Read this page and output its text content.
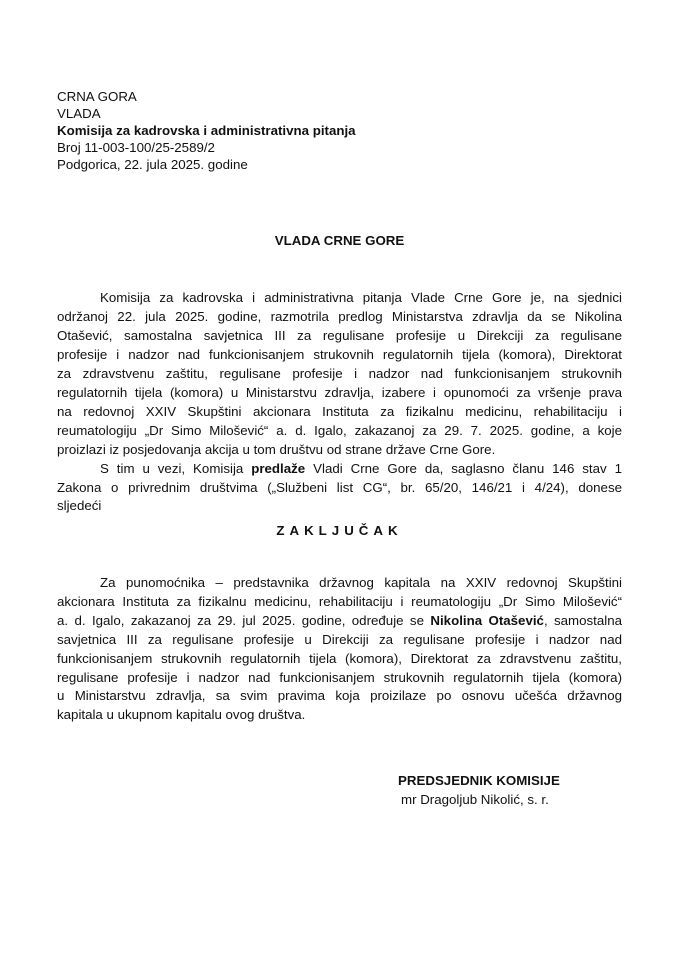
CRNA GORA
VLADA
Komisija za kadrovska i administrativna pitanja
Broj 11-003-100/25-2589/2
Podgorica, 22. jula 2025. godine
VLADA CRNE GORE
Komisija za kadrovska i administrativna pitanja Vlade Crne Gore je, na sjednici
održanoj 22. jula 2025. godine, razmotrila predlog Ministarstva zdravlja da se Nikolina
Otašević, samostalna savjetnica III za regulisane profesije u Direkciji za regulisane
profesije i nadzor nad funkcionisanjem strukovnih regulatornih tijela (komora), Direktorat
za zdravstvenu zaštitu, regulisane profesije i nadzor nad funkcionisanjem strukovnih
regulatornih tijela (komora) u Ministarstvu zdravlja, izabere i opunomoći za vršenje prava
na redovnoj XXIV Skupštini akcionara Instituta za fizikalnu medicinu, rehabilitaciju i
reumatologiju „Dr Simo Milošević“ a. d. Igalo, zakazanoj za 29. 7. 2025. godine, a koje
proizlazi iz posjedovanja akcija u tom društvu od strane države Crne Gore.
S tim u vezi, Komisija predlaže Vladi Crne Gore da, saglasno članu 146 stav 1
Zakona o privrednim društvima („Službeni list CG“, br. 65/20, 146/21 i 4/24), donese
sljedeći
ZAKLJUČAK
Za punomoćnika – predstavnika državnog kapitala na XXIV redovnoj Skupštini
akcionara Instituta za fizikalnu medicinu, rehabilitaciju i reumatologiju „Dr Simo Milošević“
a. d. Igalo, zakazanoj za 29. jul 2025. godine, određuje se Nikolina Otašević, samostalna
savjetnica III za regulisane profesije u Direkciji za regulisane profesije i nadzor nad
funkcionisanjem strukovnih regulatornih tijela (komora), Direktorat za zdravstvenu zaštitu,
regulisane profesije i nadzor nad funkcionisanjem strukovnih regulatornih tijela (komora)
u Ministarstvu zdravlja, sa svim pravima koja proizilaze po osnovu učešća državnog
kapitala u ukupnom kapitalu ovog društva.
PREDSJEDNIK KOMISIJE
mr Dragoljub Nikolić, s. r.
